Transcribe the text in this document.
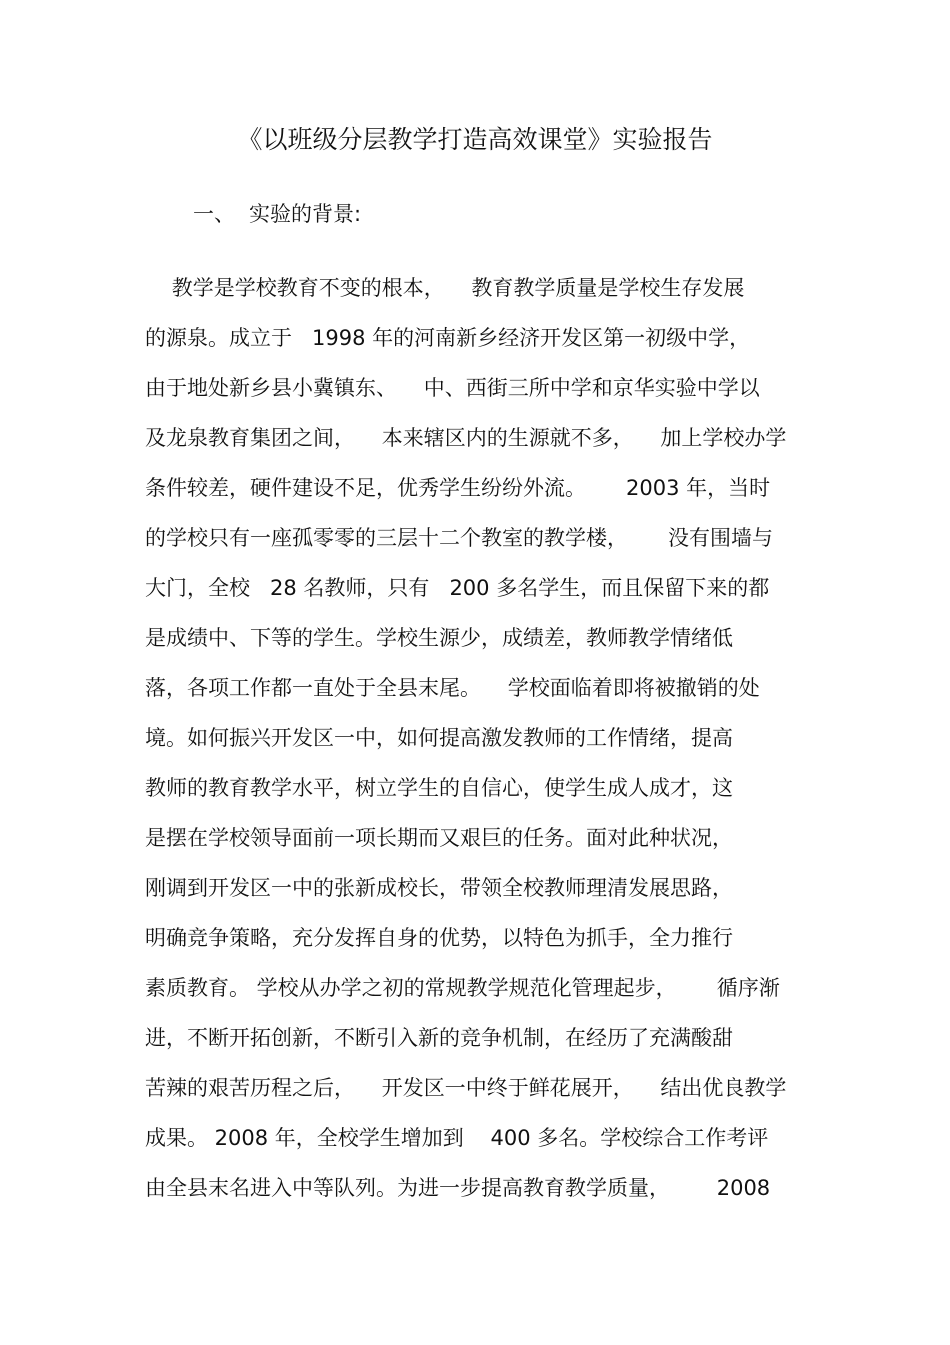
《以班级分层教学打造高效课堂》实验报告
一、 实验的背景:
教学是学校教育不变的根本，    教育教学质量是学校生存发展
的源泉。成立于   1998 年的河南新乡经济开发区第一初级中学，
由于地处新乡县小冀镇东、    中、西街三所中学和京华实验中学以
及龙泉教育集团之间，    本来辖区内的生源就不多，    加上学校办学
条件较差，硬件建设不足，优秀学生纷纷外流。      2003 年，当时
的学校只有一座孤零零的三层十二个教室的教学楼，      没有围墙与
大门，全校   28 名教师，只有   200 多名学生，而且保留下来的都
是成绩中、下等的学生。学校生源少，成绩差，教师教学情绪低
落，各项工作都一直处于全县末尾。    学校面临着即将被撤销的处
境。如何振兴开发区一中，如何提高激发教师的工作情绪，提高
教师的教育教学水平，树立学生的自信心，使学生成人成才，这
是摆在学校领导面前一项长期而又艰巨的任务。面对此种状况，
刚调到开发区一中的张新成校长，带领全校教师理清发展思路，
明确竞争策略，充分发挥自身的优势，以特色为抓手，全力推行
素质教育。 学校从办学之初的常规教学规范化管理起步，      循序渐
进，不断开拓创新，不断引入新的竞争机制，在经历了充满酸甜
苦辣的艰苦历程之后，    开发区一中终于鲜花展开，    结出优良教学
成果。 2008 年，全校学生增加到    400 多名。学校综合工作考评
由全县末名进入中等队列。为进一步提高教育教学质量，       2008
